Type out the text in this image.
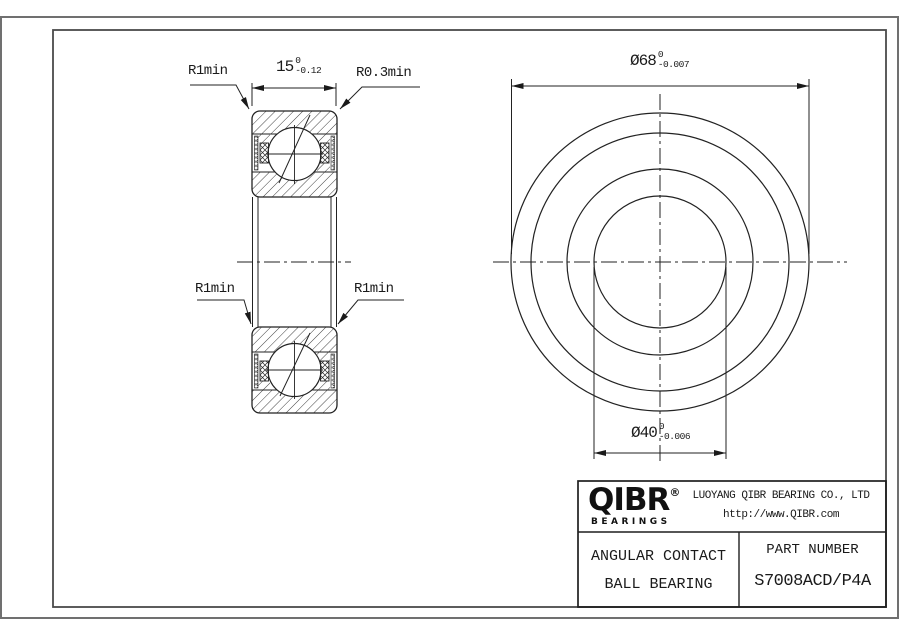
R1min	R0.3min
15 0
-0.12
R1min	R1min
Ø68 0
-0.007
Ø40 0
-0.006
QIBR®
BEARINGS
LUOYANG QIBR BEARING CO., LTD
http://www.QIBR.com
ANGULAR CONTACT
BALL BEARING
PART NUMBER
S7008ACD/P4A
